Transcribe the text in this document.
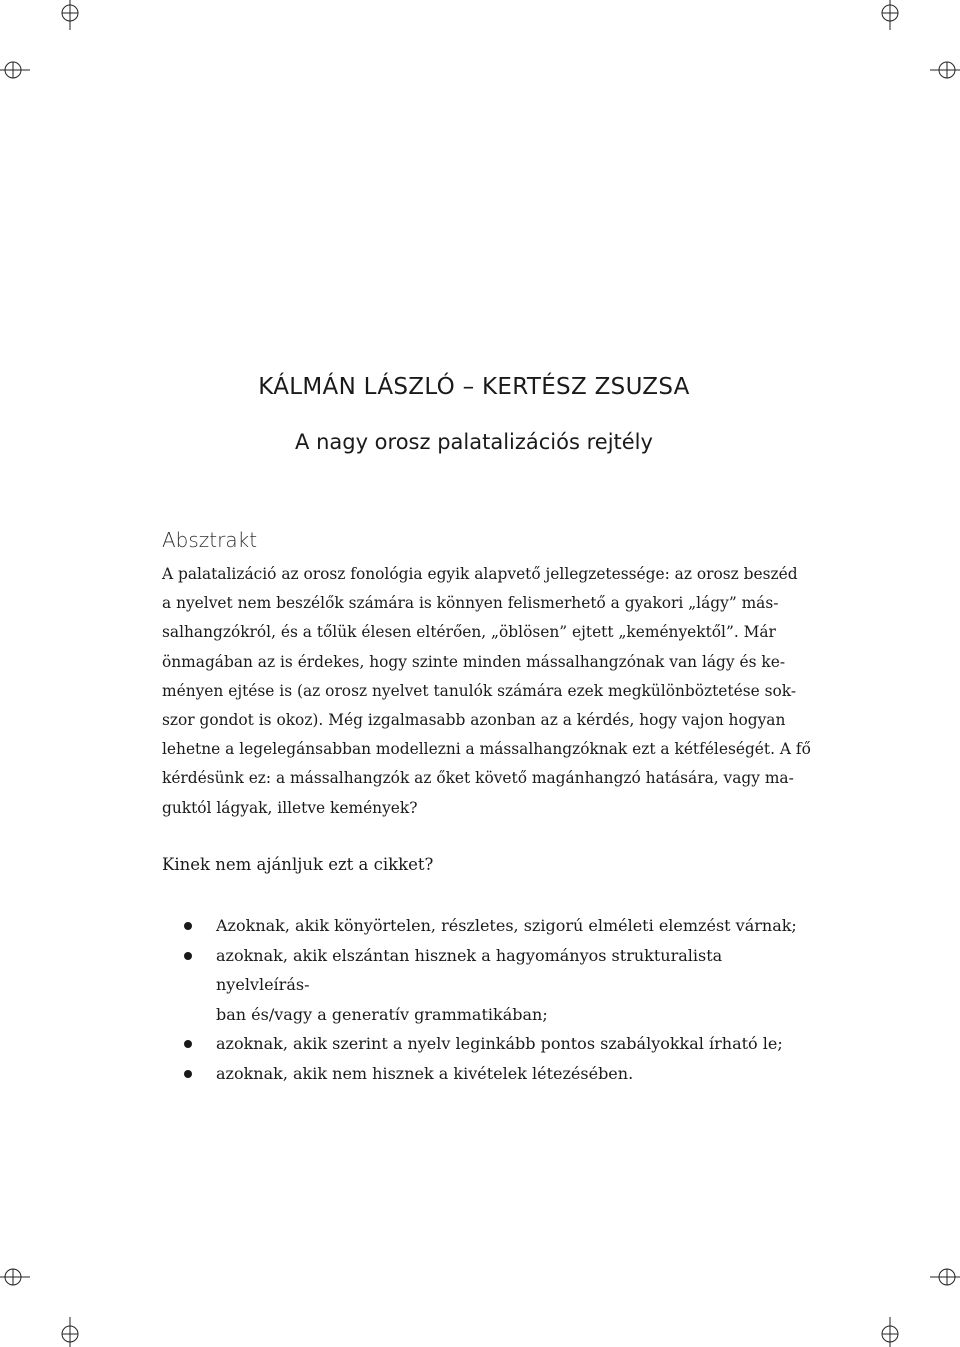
KÁLMÁN LÁSZLÓ – KERTÉSZ ZSUZSA
A nagy orosz palatalizációs rejtély
Absztrakt

A palatalizáció az orosz fonológia egyik alapvető jellegzetessége: az orosz beszéd
a nyelvet nem beszélők számára is könnyen felismerhető a gyakori „lágy” más-
salhangzókról, és a tőlük élesen eltérően, „öblösen” ejtett „keményektől”. Már
önmagában az is érdekes, hogy szinte minden mássalhangzónak van lágy és ke-
ményen ejtése is (az orosz nyelvet tanulók számára ezek megkülönböztetése sok-
szor gondot is okoz). Még izgalmasabb azonban az a kérdés, hogy vajon hogyan
lehetne a legelegánsabban modellezni a mássalhangzóknak ezt a kétféleségét. A fő
kérdésünk ez: a mássalhangzók az őket követő magánhangzó hatására, vagy ma-
guktól lágyak, illetve kemények?

Kinek nem ajánljuk ezt a cikket?
Azoknak, akik könyörtelen, részletes, szigorú elméleti elemzést várnak;
azoknak, akik elszántan hisznek a hagyományos strukturalista nyelvleírás-
ban és/vagy a generatív grammatikában;
azoknak, akik szerint a nyelv leginkább pontos szabályokkal írható le;
azoknak, akik nem hisznek a kivételek létezésében.
